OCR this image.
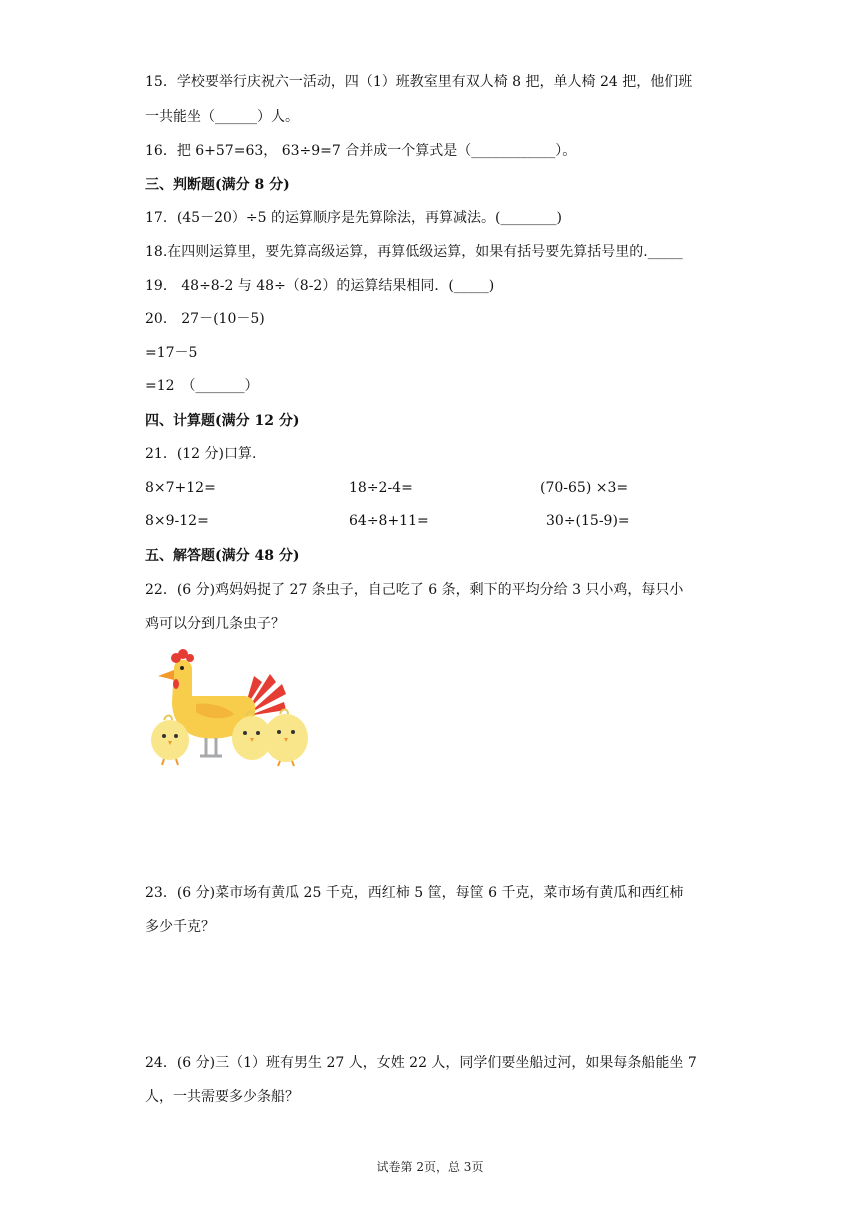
15．学校要举行庆祝六一活动，四（1）班教室里有双人椅 8 把，单人椅 24 把，他们班
一共能坐（______）人。
16．把 6+57=63， 63÷9=7 合并成一个算式是（____________）。
三、判断题(满分 8 分)
17．(45－20）÷5 的运算顺序是先算除法，再算减法。(________)
18.在四则运算里，要先算高级运算，再算低级运算，如果有括号要先算括号里的._____
19． 48÷8-2 与 48÷（8-2）的运算结果相同．(_____)
20． 27－(10－5)
=17－5
=12　（_______）
四、计算题(满分 12 分)
21．(12 分)口算.
8×7+12=	18÷2-4=	(70-65) ×3=
8×9-12=	64÷8+11=	30÷(15-9)=
五、解答题(满分 48 分)
22．(6 分)鸡妈妈捉了 27 条虫子，自己吃了 6 条，剩下的平均分给 3 只小鸡，每只小
鸡可以分到几条虫子？
23．(6 分)菜市场有黄瓜 25 千克，西红柿 5 筐，每筐 6 千克，菜市场有黄瓜和西红柿
多少千克？
24．(6 分)三（1）班有男生 27 人，女姓 22 人，同学们要坐船过河，如果每条船能坐 7
人，一共需要多少条船？
试卷第 2页，总 3页
